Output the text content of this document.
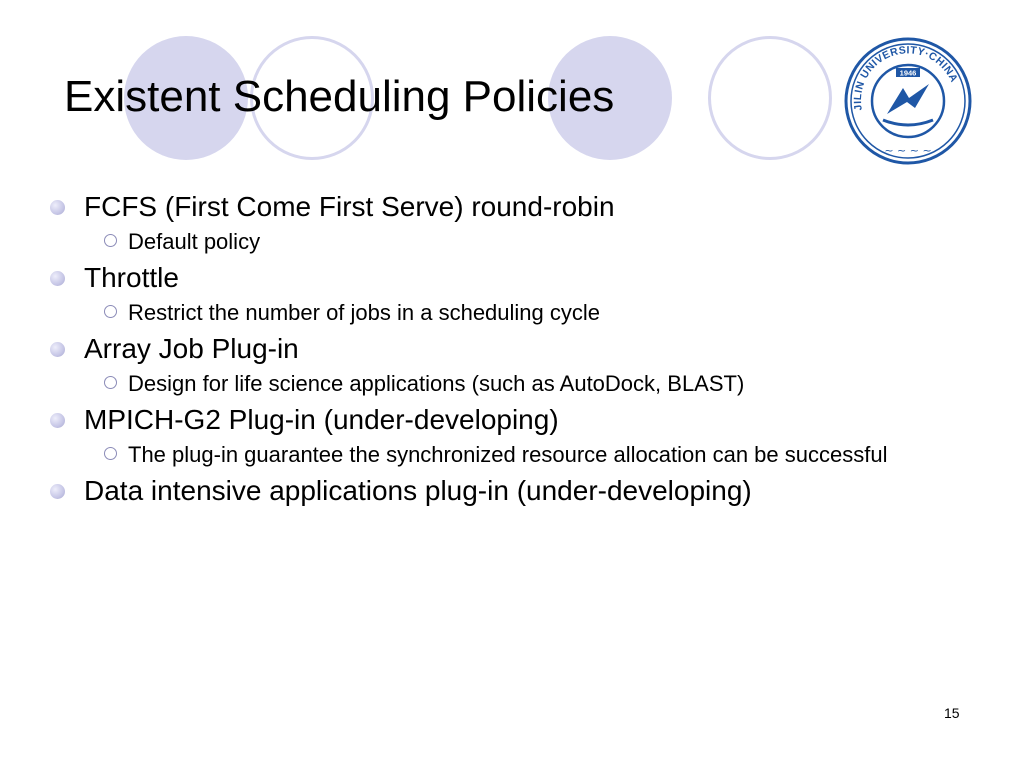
Existent Scheduling Policies	JILIN UNIVERSITY·CHINA
1946
~ ~ ~ ~
FCFS (First Come First Serve) round-robin
Default policy
Throttle
Restrict the number of jobs in a scheduling cycle
Array Job Plug-in
Design for life science applications (such as AutoDock, BLAST)
MPICH-G2 Plug-in (under-developing)
The plug-in guarantee the synchronized resource allocation can be successful
Data intensive applications plug-in (under-developing)
15
